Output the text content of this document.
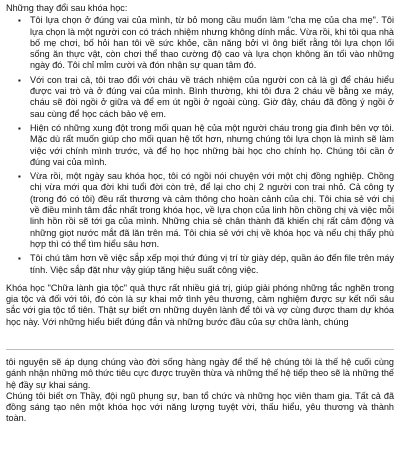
Những thay đổi sau khóa học:
▪ Tôi lựa chọn ở đúng vai của mình, từ bỏ mong cầu muốn làm "cha mẹ của cha mẹ". Tôi lựa chọn là một người con có trách nhiệm nhưng không dính mắc. Vừa rồi, khi tôi qua nhà bố mẹ chơi, bố hỏi han tôi về sức khỏe, cần năng bởi vì ông biết rằng tôi lựa chọn lối sống ăn thực vật, còn chơi thể thao cường độ cao và lựa chọn không ăn tối vào những ngày đó. Tôi chỉ mỉm cười và đón nhận sự quan tâm đó.
▪ Với con trai cả, tôi trao đổi với cháu về trách nhiệm của người con cả là gì để cháu hiểu được vai trò và ở đúng vai của mình. Bình thường, khi tôi đưa 2 cháu về bằng xe máy, cháu sẽ đòi ngồi ở giữa và để em út ngồi ở ngoài cùng. Giờ đây, cháu đã đồng ý ngồi ở sau cùng để học cách bảo vệ em.
▪ Hiện có những xung đột trong mối quan hệ của một người cháu trong gia đình bên vợ tôi. Mặc dù rất muốn giúp cho mối quan hệ tốt hơn, nhưng chúng tôi lựa chọn là mình sẽ làm việc với chính mình trước, và để họ học những bài học cho chính họ. Chúng tôi cần ở đúng vai của mình.
▪ Vừa rồi, một ngày sau khóa học, tôi có ngồi nói chuyện với một chị đồng nghiệp. Chồng chị vừa mới qua đời khi tuổi đời còn trẻ, để lại cho chị 2 người con trai nhỏ. Cả công ty (trong đó có tôi) đều rất thương và cảm thông cho hoàn cảnh của chị. Tôi chia sẻ với chị về điều mình tâm đắc nhất trong khóa học, về lựa chọn của linh hồn chồng chị và việc mỗi linh hồn rồi sẽ tới ga của mình. Những chia sẻ chân thành đã khiến chị rất cảm động và những giọt nước mắt đã lăn trên má. Tôi chia sẻ với chị về khóa học và nếu chị thấy phù hợp thì có thể tìm hiểu sâu hơn.
▪ Tôi chú tâm hơn về việc sắp xếp mọi thứ đúng vị trí từ giày dép, quần áo đến file trên máy tính. Việc sắp đặt như vậy giúp tăng hiệu suất công việc.

Khóa học "Chữa lành gia tộc" quả thực rất nhiều giá trị, giúp giải phóng những tắc nghẽn trong gia tộc và đối với tôi, đó còn là sự khai mở tình yêu thương, cảm nghiệm được sự kết nối sâu sắc với gia tộc tổ tiên. Thật sự biết ơn những duyên lành để tôi và vợ cùng được tham dự khóa học này. Với những hiểu biết đúng đắn và những bước đầu của sự chữa lành, chúng

tôi nguyện sẽ áp dụng chúng vào đời sống hàng ngày để thế hệ chúng tôi là thế hệ cuối cùng gánh nhận những mô thức tiêu cực được truyền thừa và những thế hệ tiếp theo sẽ là những thế hệ đầy sự khai sáng.

Chúng tôi biết ơn Thầy, đội ngũ phụng sự, ban tổ chức và những học viên tham gia. Tất cả đã đồng sáng tạo nên một khóa học với năng lượng tuyệt vời, thấu hiểu, yêu thương và thành toàn.
